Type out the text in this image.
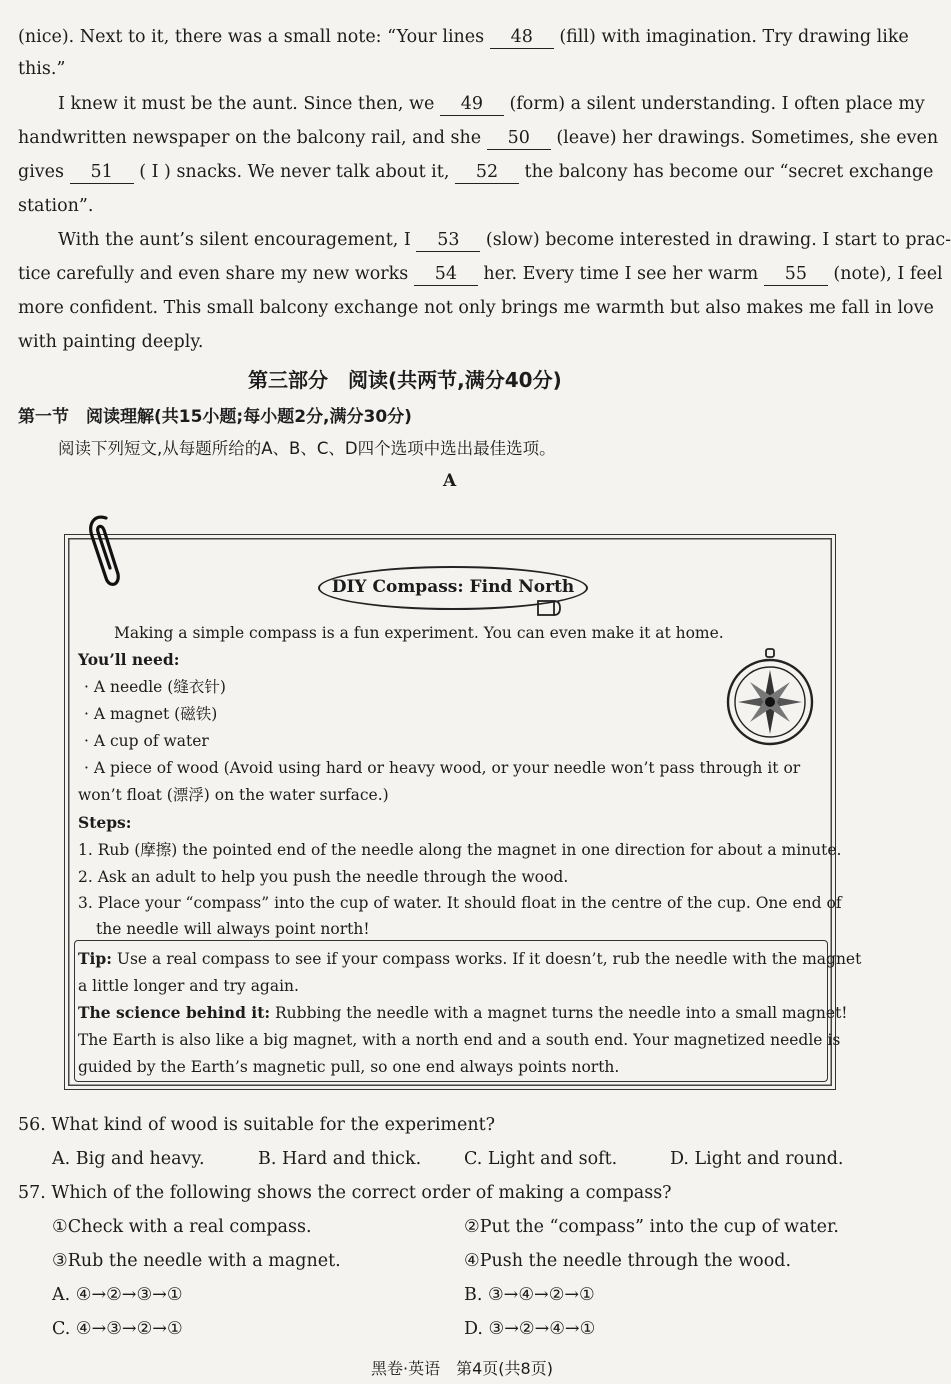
(nice). Next to it, there was a small note: “Your lines 48 (fill) with imagination. Try drawing like
this.”
I knew it must be the aunt. Since then, we 49 (form) a silent understanding. I often place my
handwritten newspaper on the balcony rail, and she 50 (leave) her drawings. Sometimes, she even
gives 51 ( I ) snacks. We never talk about it, 52 the balcony has become our “secret exchange
station”.
With the aunt’s silent encouragement, I 53 (slow) become interested in drawing. I start to prac-
tice carefully and even share my new works 54 her. Every time I see her warm 55 (note), I feel
more confident. This small balcony exchange not only brings me warmth but also makes me fall in love
with painting deeply.
第三部分　阅读(共两节,满分40分)
第一节　阅读理解(共15小题;每小题2分,满分30分)
阅读下列短文,从每题所给的A、B、C、D四个选项中选出最佳选项。
A
DIY Compass: Find North
Making a simple compass is a fun experiment. You can even make it at home.
You’ll need:
· A needle (缝衣针)
· A magnet (磁铁)
· A cup of water
· A piece of wood (Avoid using hard or heavy wood, or your needle won’t pass through it or
won’t float (漂浮) on the water surface.)
Steps:
1. Rub (摩擦) the pointed end of the needle along the magnet in one direction for about a minute.
2. Ask an adult to help you push the needle through the wood.
3. Place your “compass” into the cup of water. It should float in the centre of the cup. One end of
the needle will always point north!
Tip: Use a real compass to see if your compass works. If it doesn’t, rub the needle with the magnet
a little longer and try again.
The science behind it: Rubbing the needle with a magnet turns the needle into a small magnet!
The Earth is also like a big magnet, with a north end and a south end. Your magnetized needle is
guided by the Earth’s magnetic pull, so one end always points north.
56. What kind of wood is suitable for the experiment?
A. Big and heavy.	B. Hard and thick. C. Light and soft.	D. Light and round.
57. Which of the following shows the correct order of making a compass?
①Check with a real compass.	②Put the “compass” into the cup of water.
③Rub the needle with a magnet.	④Push the needle through the wood.
A. ④→②→③→①	B. ③→④→②→①
C. ④→③→②→①	D. ③→②→④→①
黑卷·英语　第4页(共8页)
